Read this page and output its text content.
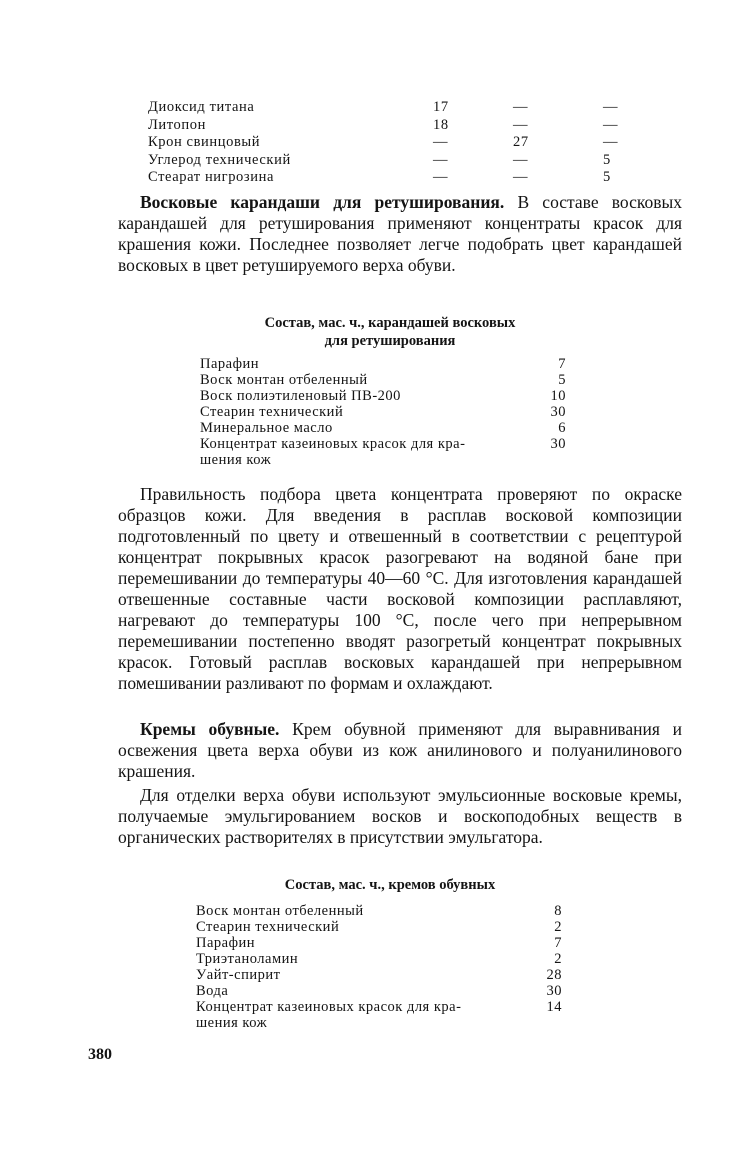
Диоксид титана	17	—	—
Литопон	18	—	—
Крон свинцовый	—	27	—
Углерод технический	—	—	5
Стеарат нигрозина	—	—	5

Восковые карандаши для ретуширования. В составе восковых карандашей для ретуширования применяют концентраты красок для крашения кожи. Последнее позволяет легче подобрать цвет карандашей восковых в цвет ретушируемого верха обуви.

Состав, мас. ч., карандашей восковых
для ретуширования
Парафин	7
Воск монтан отбеленный	5
Воск полиэтиленовый ПВ-200	10
Стеарин технический	30
Минеральное масло	6

Концентрат казеиновых красок для кра-
шения кож	30

Правильность подбора цвета концентрата проверяют по окраске образцов кожи. Для введения в расплав восковой композиции подготовленный по цвету и отвешенный в соответствии с рецептурой концентрат покрывных красок разогревают на водяной бане при перемешивании до температуры 40—60 °С. Для изготовления карандашей отвешенные составные части восковой композиции расплавляют, нагревают до температуры 100 °С, после чего при непрерывном перемешивании постепенно вводят разогретый концентрат покрывных красок. Готовый расплав восковых карандашей при непрерывном помешивании разливают по формам и охлаждают.

Кремы обувные. Крем обувной применяют для выравнивания и освежения цвета верха обуви из кож анилинового и полуанилинового крашения.

Для отделки верха обуви используют эмульсионные восковые кремы, получаемые эмульгированием восков и воскоподобных веществ в органических растворителях в присутствии эмульгатора.

Состав, мас. ч., кремов обувных
Воск монтан отбеленный	8
Стеарин технический	2
Парафин	7
Триэтаноламин	2
Уайт-спирит	28
Вода	30

Концентрат казеиновых красок для кра-
шения кож	14
380
